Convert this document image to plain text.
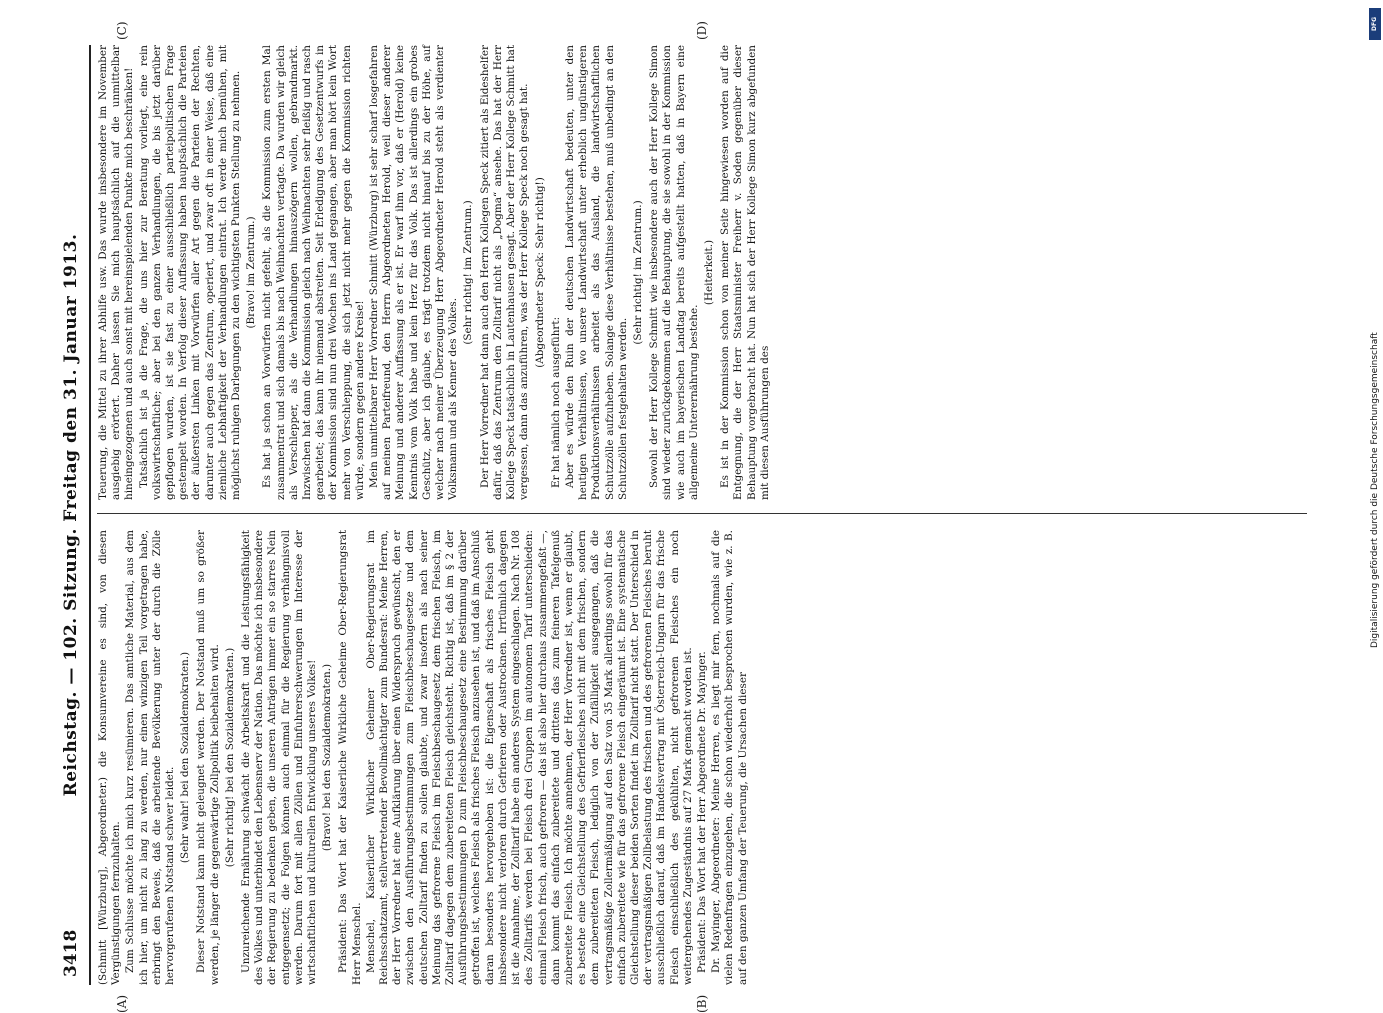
3418
Reichstag. — 102. Sitzung. Freitag den 31. Januar 1913. (Schmitt [Würzburg], Abgeordneter.) die Konsumvereine es sind, von diesen Vergünstigungen fernzuhalten. Zum Schlusse möchte ich mich kurz resümieren. Das amtliche Material, aus dem ich hier, um nicht zu lang zu werden, nur einen winzigen Teil vorgetragen habe, erbringt den Beweis, daß die arbeitende Bevölkerung unter der durch die Zölle hervorgerufenen Notstand schwer leidet.

(Sehr wahr! bei den Sozialdemokraten.) Dieser Notstand kann nicht geleugnet werden. Der Notstand muß um so größer werden, je länger die gegenwärtige Zollpolitik beibehalten wird. (Sehr richtig! bei den Sozialdemokraten.) Unzureichende Ernährung schwächt die Arbeitskraft und die Leistungsfähigkeit des Volkes und unterbindet den Lebensnerv der Nation. Das möchte ich insbesondere der Regierung zu bedenken geben, die unseren Anträgen immer ein so starres Nein entgegensetzt; die Folgen können auch einmal für die Regierung verhängnisvoll werden. Darum fort mit allen Zöllen und Einfuhrerschwerungen im Interesse der wirtschaftlichen und kulturellen Entwicklung unseres Volkes! (Bravo! bei den Sozialdemokraten.) Präsident: Das Wort hat der Kaiserliche Wirkliche Geheime Ober-Regierungsrat Herr Menschel. Menschel, Kaiserlicher Wirklicher Geheimer Ober-Regierungsrat im Reichsschatzamt, stellvertretender Bevollmächtigter zum Bundesrat: Meine Herren, der Herr Vorredner hat eine Aufklärung über einen Widerspruch gewünscht, den er zwischen den Ausführungsbestimmungen zum Fleischbeschaugesetze und dem deutschen Zolltarif finden zu sollen glaubte, und zwar insofern als nach seiner Meinung das gefrorene Fleisch im Fleischbeschaugesetz dem frischen Fleisch, im Zolltarif dagegen dem zubereiteten Fleisch gleichsteht. Richtig ist, daß im § 2 der Ausführungsbestimmungen D zum Fleischbeschaugesetz eine Bestimmung darüber getroffen ist, welches Fleisch als frisches Fleisch anzusehen ist, und daß im Anschluß daran besonders hervorgehoben ist: die Eigenschaft als frisches Fleisch geht insbesondere nicht verloren durch Gefrieren oder Austrocknen. Irrtümlich dagegen ist die Annahme, der Zolltarif habe ein anderes System eingeschlagen. Nach Nr. 108 des Zolltarifs werden bei Fleisch drei Gruppen im autonomen Tarif unterschieden: einmal Fleisch frisch, auch gefroren — das ist also hier durchaus zusammengefaßt —, dann kommt das einfach zubereitete und drittens das zum feineren Tafelgenuß zubereitete Fleisch. Ich möchte annehmen, der Herr Vorredner ist, wenn er glaubt, es bestehe eine Gleichstellung des Gefrierfleisches nicht mit dem frischen, sondern dem zubereiteten Fleisch, lediglich von der Zufälligkeit ausgegangen, daß die vertragsmäßige Zollermäßigung auf den Satz von 35 Mark allerdings sowohl für das einfach zubereitete wie für das gefrorene Fleisch eingeräumt ist. Eine systematische Gleichstellung dieser beiden Sorten findet im Zolltarif nicht statt. Der Unterschied in der vertragsmäßigen Zollbelastung des frischen und des gefrorenen Fleisches beruht ausschließlich darauf, daß im Handelsvertrag mit Österreich-Ungarn für das frische Fleisch einschließlich des gekühlten, nicht gefrorenen Fleisches ein noch weitergehendes Zugeständnis auf 27 Mark gemacht worden ist. Präsident: Das Wort hat der Herr Abgeordnete Dr. Mayinger. Dr. Mayinger, Abgeordneter: Meine Herren, es liegt mir fern, nochmals auf die vielen Redenfragen einzugehen, die schon wiederholt besprochen wurden, wie z. B. auf den ganzen Umfang der Teuerung, die Ursachen dieser

Teuerung, die Mittel zu ihrer Abhilfe usw. Das wurde insbesondere im November ausgiebig erörtert. Daher lassen Sie mich hauptsächlich auf die unmittelbar hineingezogenen und auch sonst mit hereinspielenden Punkte mich beschränken! Tatsächlich ist ja die Frage, die uns hier zur Beratung vorliegt, eine rein volkswirtschaftliche; aber bei den ganzen Verhandlungen, die bis jetzt darüber gepflogen wurden, ist sie fast zu einer ausschließlich parteipolitischen Frage gestempelt worden. In Verfolg dieser Auffassung haben hauptsächlich die Parteien der äußersten Linken mit Vorwürfen aller Art gegen die Parteien der Rechten, darunter auch gegen das Zentrum, operiert, und zwar oft in einer Weise, daß eine ziemliche Lebhaftigkeit der Verhandlungen eintrat. Ich werde mich bemühen, mit möglichst ruhigen Darlegungen zu den wichtigsten Punkten Stellung zu nehmen. (Bravo! im Zentrum.) Es hat ja schon an Vorwürfen nicht gefehlt, als die Kommission zum ersten Mal zusammentrat und sich damals bis nach Weihnachten vertagte. Da wurden wir gleich als Verschlepper, als die Verhandlungen hinauszögern wollen, gebrandmarkt. Inzwischen hat dann die Kommission gleich nach Weihnachten sehr fleißig und rasch gearbeitet; das kann ihr niemand abstreiten. Seit Erledigung des Gesetzentwurfs in der Kommission sind nun drei Wochen ins Land gegangen, aber man hört kein Wort mehr von Verschleppung, die sich jetzt nicht mehr gegen die Kommission richten würde, sondern gegen andere Kreise! Mein unmittelbarer Herr Vorredner Schmitt (Würzburg) ist sehr scharf losgefahren auf meinen Parteifreund, den Herrn Abgeordneten Herold, weil dieser anderer Meinung und anderer Auffassung als er ist. Er warf ihm vor, daß er (Herold) keine Kenntnis vom Volk habe und kein Herz für das Volk. Das ist allerdings ein grobes Geschütz, aber ich glaube, es trägt trotzdem nicht hinauf bis zu der Höhe, auf welcher nach meiner Überzeugung Herr Abgeordneter Herold steht als verdienter Volksmann und als Kenner des Volkes.

(Sehr richtig! im Zentrum.) Der Herr Vorredner hat dann auch den Herrn Kollegen Speck zitiert als Eideshelfer dafür, daß das Zentrum den Zolltarif nicht als „Dogma“ ansehe. Das hat der Herr Kollege Speck tatsächlich in Lautenhausen gesagt. Aber der Herr Kollege Schmitt hat vergessen, dann das anzuführen, was der Herr Kollege Speck noch gesagt hat. (Abgeordneter Speck: Sehr richtig!)

Er hat nämlich noch ausgeführt: Aber es würde den Ruin der deutschen Landwirtschaft bedeuten, unter den heutigen Verhältnissen, wo unsere Landwirtschaft unter erheblich ungünstigeren Produktionsverhältnissen arbeitet als das Ausland, die landwirtschaftlichen Schutzzölle aufzuheben. Solange diese Verhältnisse bestehen, muß unbedingt an den Schutzzöllen festgehalten werden.

(Sehr richtig! im Zentrum.) Sowohl der Herr Kollege Schmitt wie insbesondere auch der Herr Kollege Simon sind wieder zurückgekommen auf die Behauptung, die sie sowohl in der Kommission wie auch im bayerischen Landtag bereits aufgestellt hatten, daß in Bayern eine allgemeine Unterernährung bestehe.

(Heiterkeit.) Es ist in der Kommission schon von meiner Seite hingewiesen worden auf die Entgegnung, die der Herr Staatsminister Freiherr v. Soden gegenüber dieser Behauptung vorgebracht hat. Nun hat sich der Herr Kollege Simon kurz abgefunden mit diesen Ausführungen des

(A)	(B)
(C)	(D)	DFG
Digitalisierung gefördert durch die Deutsche Forschungsgemeinschaft
